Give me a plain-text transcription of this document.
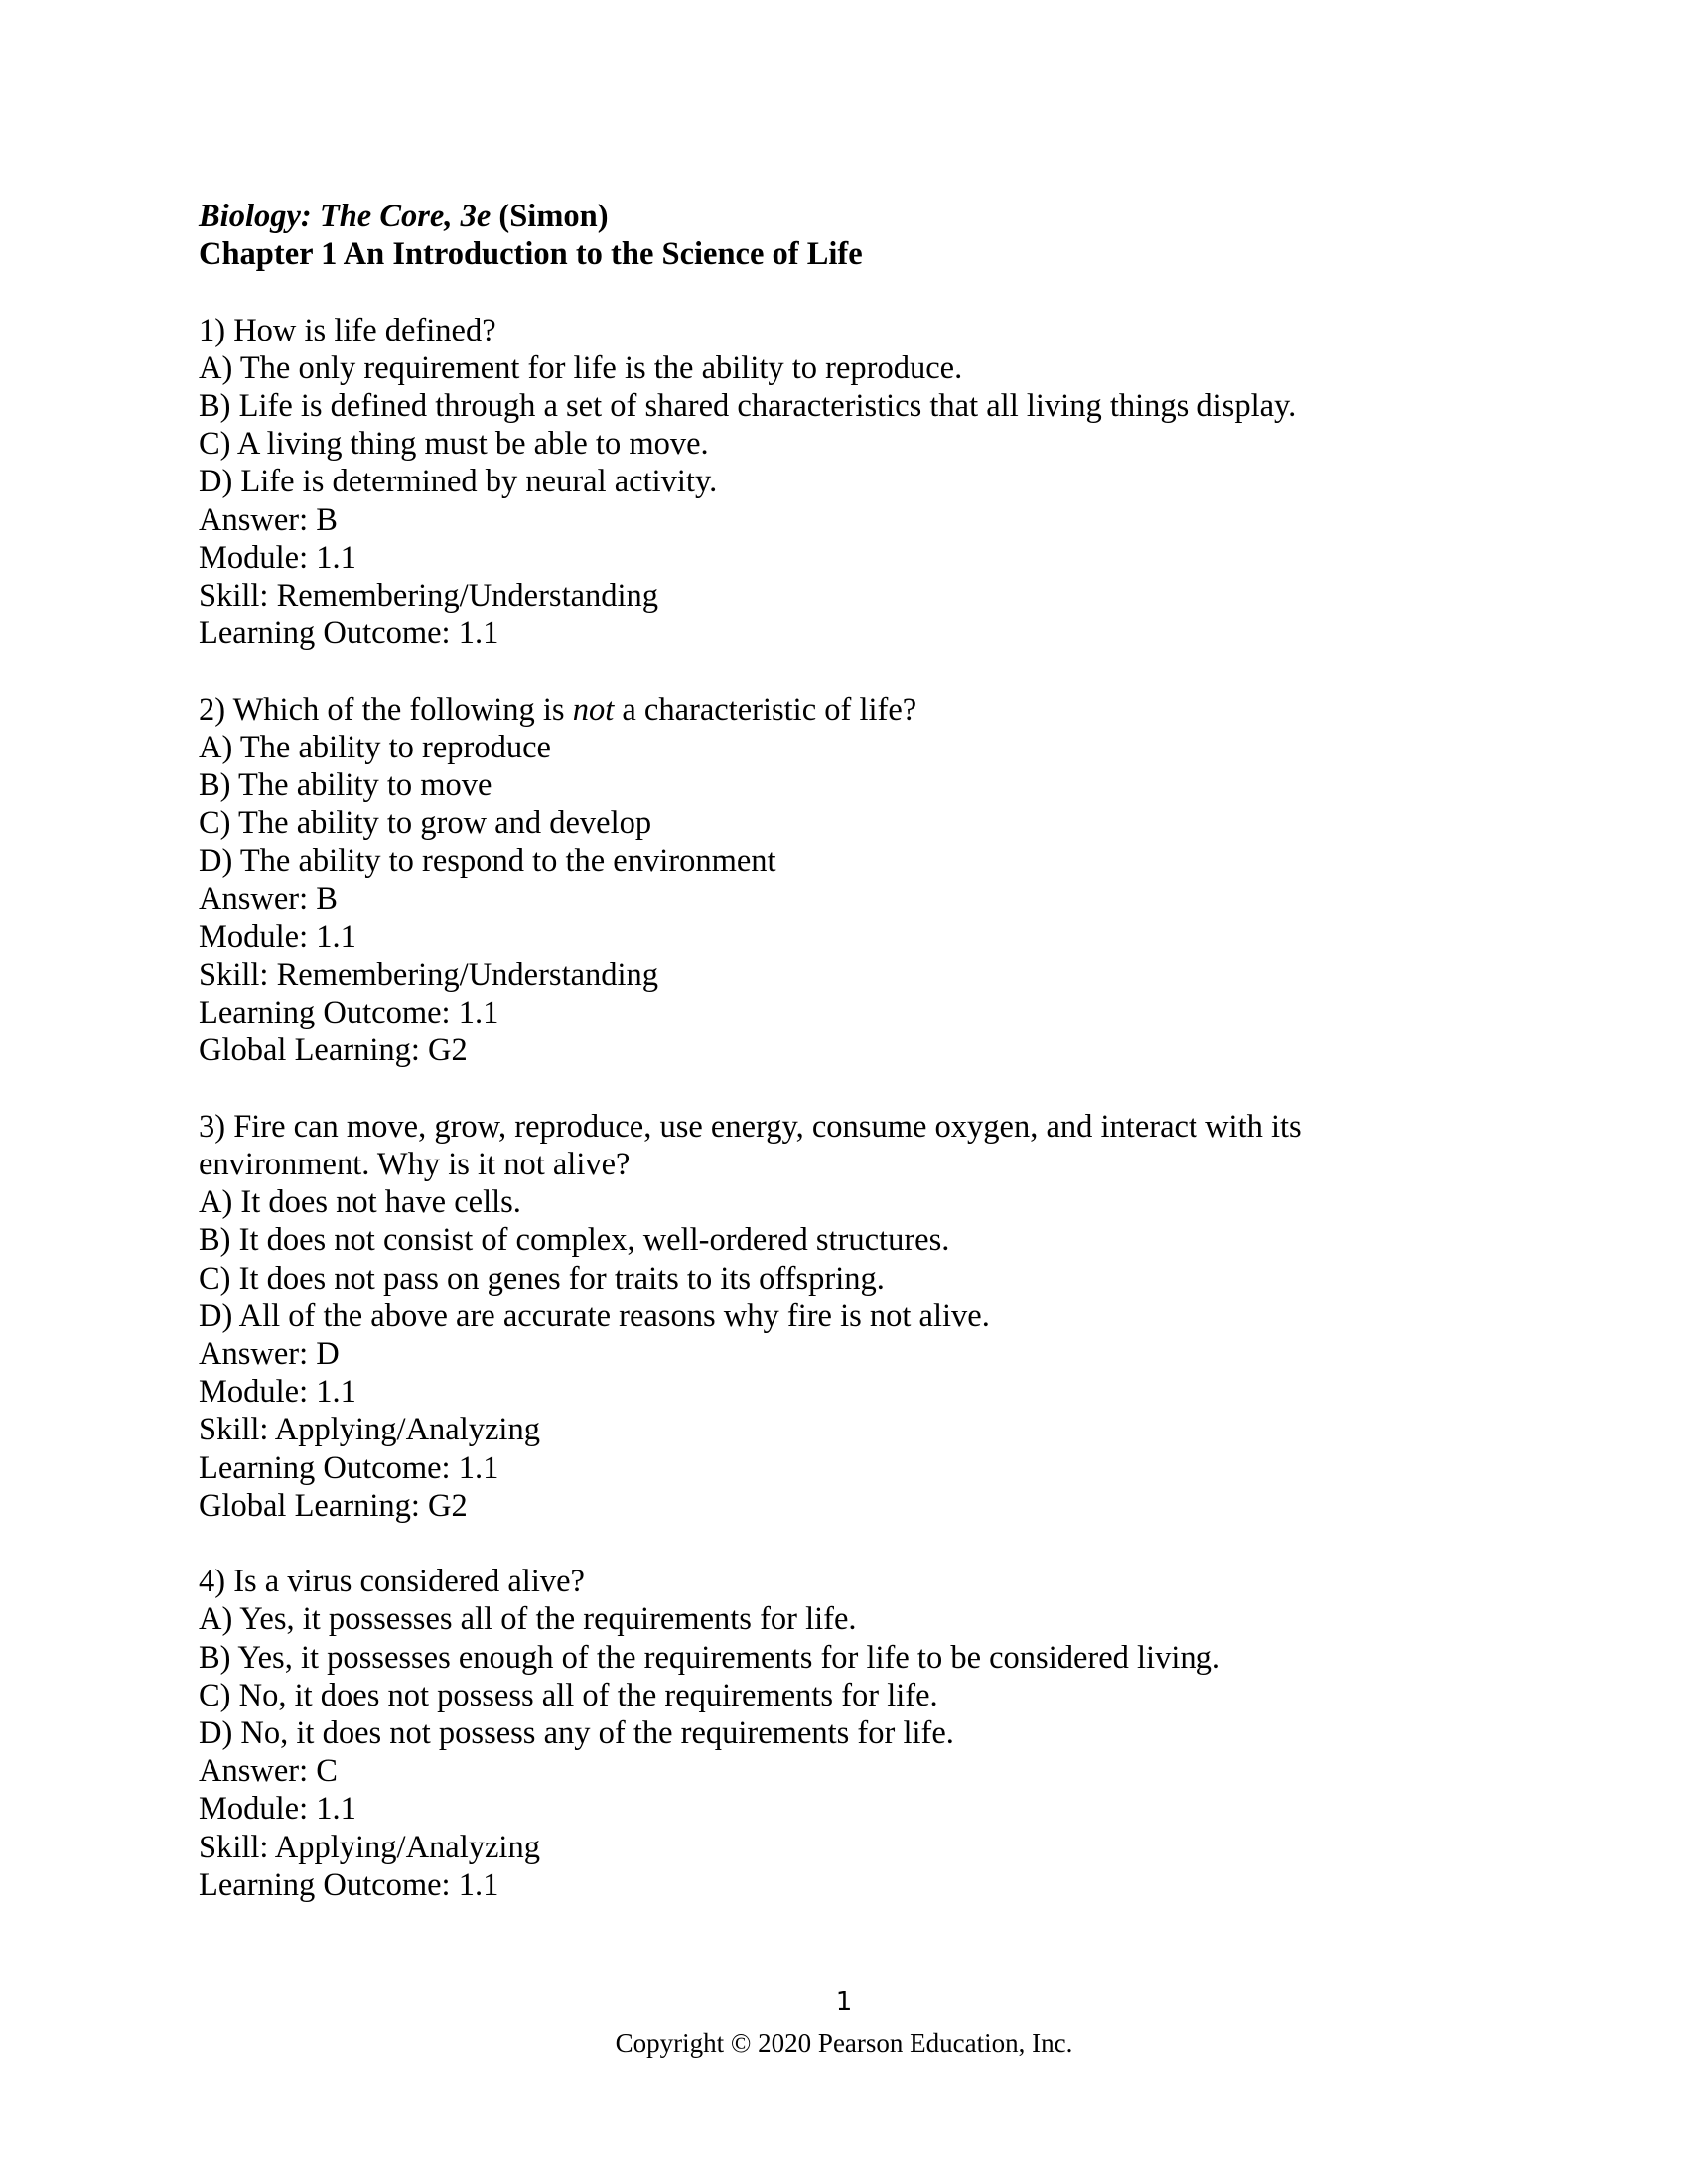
Biology: The Core, 3e (Simon)
Chapter 1 An Introduction to the Science of Life
1) How is life defined?
A) The only requirement for life is the ability to reproduce.
B) Life is defined through a set of shared characteristics that all living things display.
C) A living thing must be able to move.
D) Life is determined by neural activity.
Answer: B
Module: 1.1
Skill: Remembering/Understanding
Learning Outcome: 1.1
2) Which of the following is not a characteristic of life?
A) The ability to reproduce
B) The ability to move
C) The ability to grow and develop
D) The ability to respond to the environment
Answer: B
Module: 1.1
Skill: Remembering/Understanding
Learning Outcome: 1.1
Global Learning: G2
3) Fire can move, grow, reproduce, use energy, consume oxygen, and interact with its
environment. Why is it not alive?
A) It does not have cells.
B) It does not consist of complex, well-ordered structures.
C) It does not pass on genes for traits to its offspring.
D) All of the above are accurate reasons why fire is not alive.
Answer: D
Module: 1.1
Skill: Applying/Analyzing
Learning Outcome: 1.1
Global Learning: G2
4) Is a virus considered alive?
A) Yes, it possesses all of the requirements for life.
B) Yes, it possesses enough of the requirements for life to be considered living.
C) No, it does not possess all of the requirements for life.
D) No, it does not possess any of the requirements for life.
Answer: C
Module: 1.1
Skill: Applying/Analyzing
Learning Outcome: 1.1
1
Copyright © 2020 Pearson Education, Inc.
